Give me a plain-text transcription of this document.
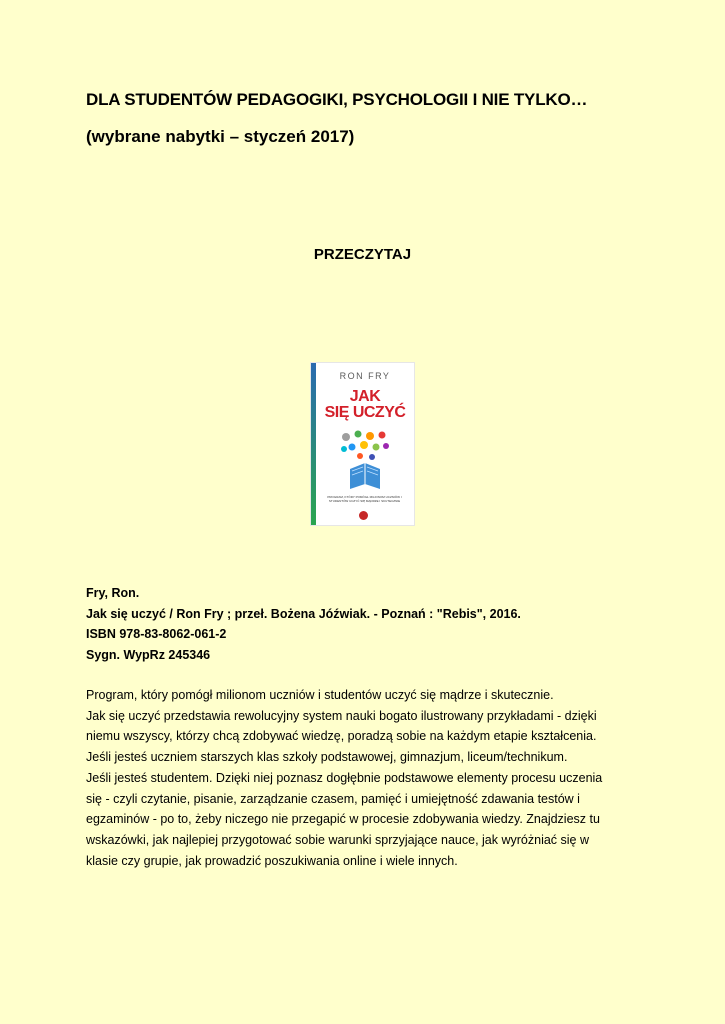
DLA STUDENTÓW PEDAGOGIKI, PSYCHOLOGII I NIE TYLKO…
(wybrane nabytki – styczeń 2017)
PRZECZYTAJ
RON FRY
JAK
SIĘ UCZYĆ
PROGRAM, KTÓRY POMÓGŁ MILIONOM UCZNIÓW I STUDENTÓW UCZYĆ SIĘ MĄDRZE I SKUTECZNIE
Fry, Ron.
Jak się uczyć / Ron Fry ; przeł. Bożena Jóźwiak. - Poznań : "Rebis", 2016.
ISBN 978-83-8062-061-2
Sygn. WypRz 245346
Program, który pomógł milionom uczniów i studentów uczyć się mądrze i skutecznie.
Jak się uczyć przedstawia rewolucyjny system nauki bogato ilustrowany przykładami - dzięki
niemu wszyscy, którzy chcą zdobywać wiedzę, poradzą sobie na każdym etapie kształcenia.
Jeśli jesteś uczniem starszych klas szkoły podstawowej, gimnazjum, liceum/technikum.
Jeśli jesteś studentem. Dzięki niej poznasz dogłębnie podstawowe elementy procesu uczenia
się - czyli czytanie, pisanie, zarządzanie czasem, pamięć i umiejętność zdawania testów i
egzaminów - po to, żeby niczego nie przegapić w procesie zdobywania wiedzy. Znajdziesz tu
wskazówki, jak najlepiej przygotować sobie warunki sprzyjające nauce, jak wyróżniać się w
klasie czy grupie, jak prowadzić poszukiwania online i wiele innych.
